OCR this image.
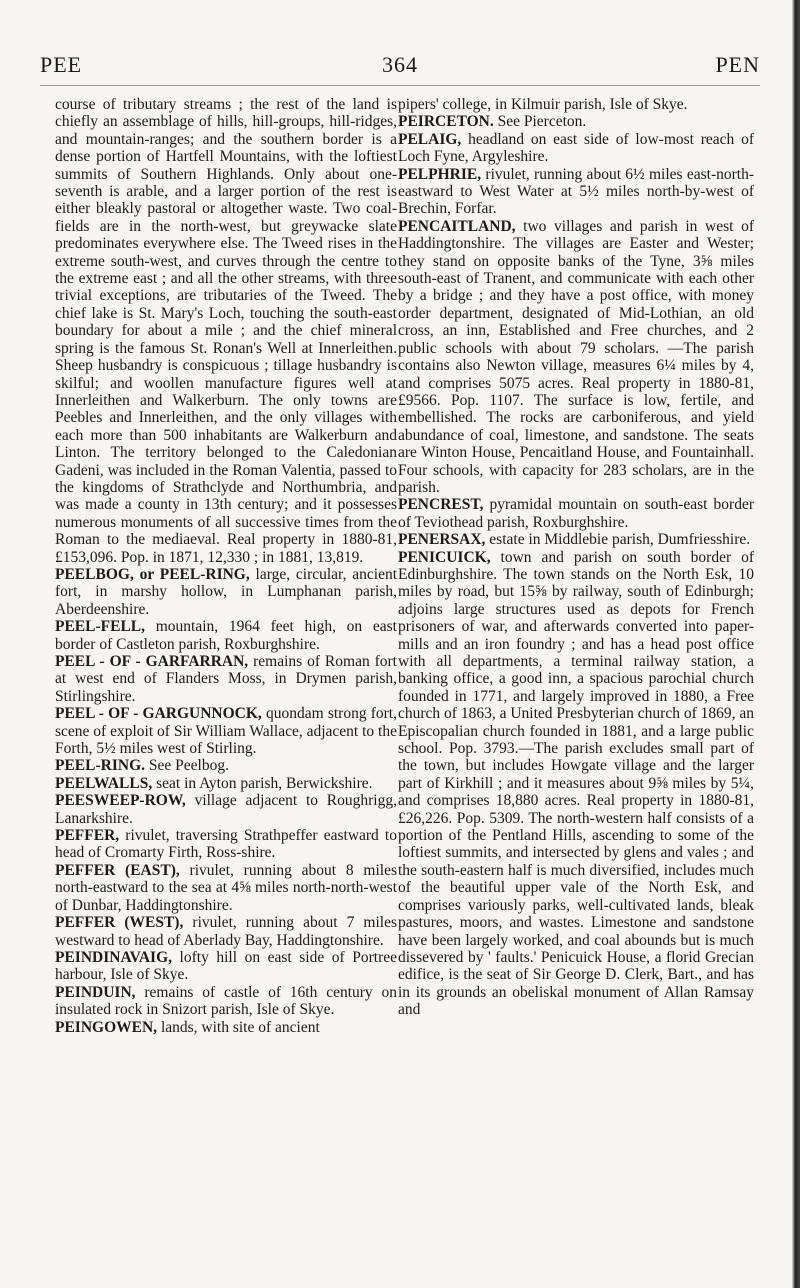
PEE	364	PEN

course of tributary streams ; the rest of the land is chiefly an assemblage of hills, hill-groups, hill-ridges, and mountain-ranges; and the southern border is a dense portion of Hartfell Mountains, with the loftiest summits of Southern Highlands. Only about one-seventh is arable, and a larger portion of the rest is either bleakly pastoral or altogether waste. Two coal-fields are in the north-west, but greywacke slate predominates everywhere else. The Tweed rises in the extreme south-west, and curves through the centre to the extreme east ; and all the other streams, with three trivial exceptions, are tributaries of the Tweed. The chief lake is St. Mary's Loch, touching the south-east boundary for about a mile ; and the chief mineral spring is the famous St. Ronan's Well at Innerleithen. Sheep husbandry is conspicuous ; tillage husbandry is skilful; and woollen manufacture figures well at Innerleithen and Walkerburn. The only towns are Peebles and Innerleithen, and the only villages with each more than 500 inhabitants are Walkerburn and Linton. The territory belonged to the Caledonian Gadeni, was included in the Roman Valentia, passed to the kingdoms of Strathclyde and Northumbria, and was made a county in 13th century; and it possesses numerous monuments of all successive times from the Roman to the mediaeval. Real property in 1880-81, £153,096. Pop. in 1871, 12,330 ; in 1881, 13,819.

PEELBOG, or PEEL-RING, large, circular, ancient fort, in marshy hollow, in Lumphanan parish, Aberdeenshire.

PEEL-FELL, mountain, 1964 feet high, on east border of Castleton parish, Roxburghshire.

PEEL - OF - GARFARRAN, remains of Roman fort at west end of Flanders Moss, in Drymen parish, Stirlingshire.

PEEL - OF - GARGUNNOCK, quondam strong fort, scene of exploit of Sir William Wallace, adjacent to the Forth, 5½ miles west of Stirling.

PEEL-RING. See Peelbog.

PEELWALLS, seat in Ayton parish, Berwickshire.

PEESWEEP-ROW, village adjacent to Roughrigg, Lanarkshire.

PEFFER, rivulet, traversing Strathpeffer eastward to head of Cromarty Firth, Ross-shire.

PEFFER (EAST), rivulet, running about 8 miles north-eastward to the sea at 4⅝ miles north-north-west of Dunbar, Haddingtonshire.

PEFFER (WEST), rivulet, running about 7 miles westward to head of Aberlady Bay, Haddingtonshire.

PEINDINAVAIG, lofty hill on east side of Portree harbour, Isle of Skye.

PEINDUIN, remains of castle of 16th century on insulated rock in Snizort parish, Isle of Skye.

PEINGOWEN, lands, with site of ancient

pipers' college, in Kilmuir parish, Isle of Skye.

PEIRCETON. See Pierceton.

PELAIG, headland on east side of low-most reach of Loch Fyne, Argyleshire.

PELPHRIE, rivulet, running about 6½ miles east-north-eastward to West Water at 5½ miles north-by-west of Brechin, Forfar.

PENCAITLAND, two villages and parish in west of Haddingtonshire. The villages are Easter and Wester; they stand on opposite banks of the Tyne, 3⅝ miles south-east of Tranent, and communicate with each other by a bridge ; and they have a post office, with money order department, designated of Mid-Lothian, an old cross, an inn, Established and Free churches, and 2 public schools with about 79 scholars. —The parish contains also Newton village, measures 6¼ miles by 4, and comprises 5075 acres. Real property in 1880-81, £9566. Pop. 1107. The surface is low, fertile, and embellished. The rocks are carboniferous, and yield abundance of coal, limestone, and sandstone. The seats are Winton House, Pencaitland House, and Fountainhall. Four schools, with capacity for 283 scholars, are in the parish.

PENCREST, pyramidal mountain on south-east border of Teviothead parish, Roxburghshire.

PENERSAX, estate in Middlebie parish, Dumfriesshire.

PENICUICK, town and parish on south border of Edinburghshire. The town stands on the North Esk, 10 miles by road, but 15⅝ by railway, south of Edinburgh; adjoins large structures used as depots for French prisoners of war, and afterwards converted into paper-mills and an iron foundry ; and has a head post office with all departments, a terminal railway station, a banking office, a good inn, a spacious parochial church founded in 1771, and largely improved in 1880, a Free church of 1863, a United Presbyterian church of 1869, an Episcopalian church founded in 1881, and a large public school. Pop. 3793.—The parish excludes small part of the town, but includes Howgate village and the larger part of Kirkhill ; and it measures about 9⅝ miles by 5¼, and comprises 18,880 acres. Real property in 1880-81, £26,226. Pop. 5309. The north-western half consists of a portion of the Pentland Hills, ascending to some of the loftiest summits, and intersected by glens and vales ; and the south-eastern half is much diversified, includes much of the beautiful upper vale of the North Esk, and comprises variously parks, well-cultivated lands, bleak pastures, moors, and wastes. Limestone and sandstone have been largely worked, and coal abounds but is much dissevered by ' faults.' Penicuick House, a florid Grecian edifice, is the seat of Sir George D. Clerk, Bart., and has in its grounds an obeliskal monument of Allan Ramsay and
